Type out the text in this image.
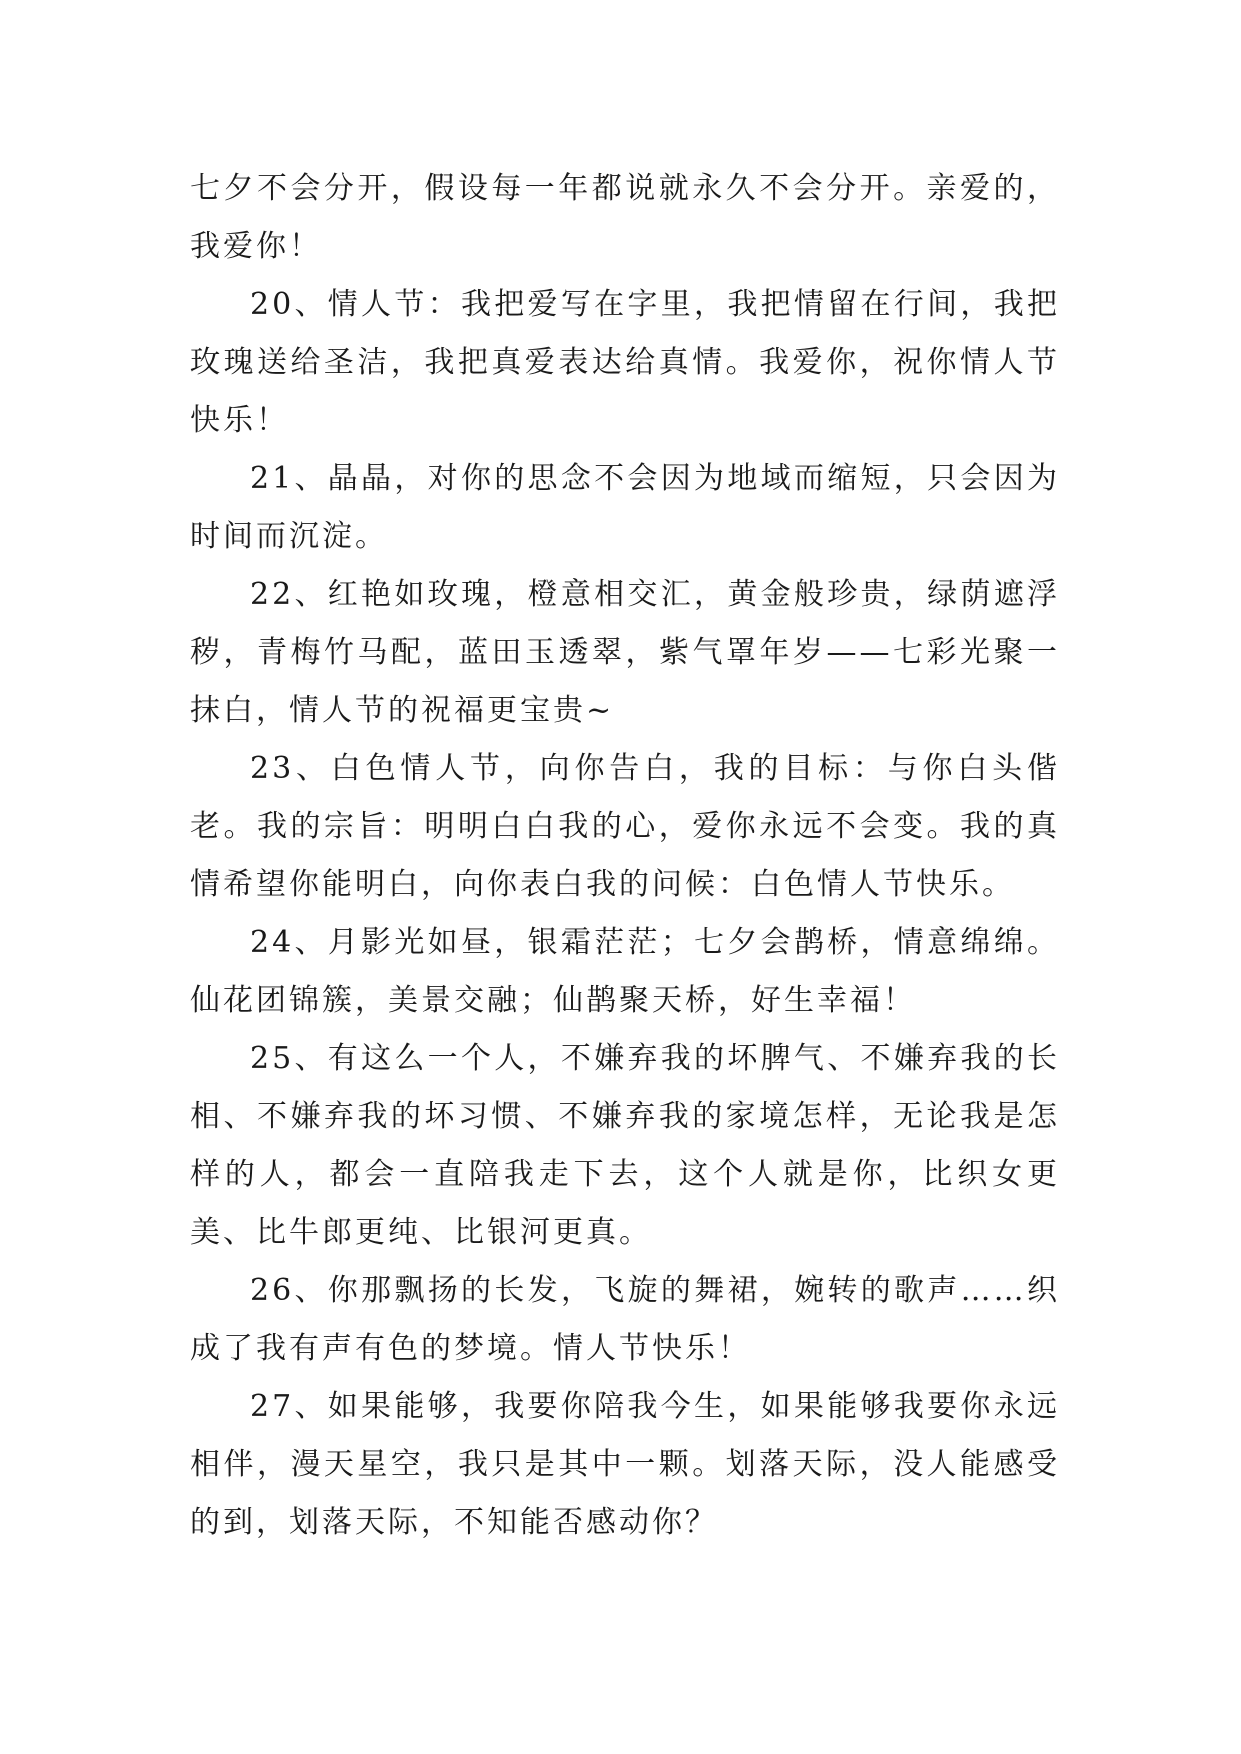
七夕不会分开，假设每一年都说就永久不会分开。亲爱的，我爱你！

20、情人节：我把爱写在字里，我把情留在行间，我把玫瑰送给圣洁，我把真爱表达给真情。我爱你，祝你情人节快乐！

21、晶晶，对你的思念不会因为地域而缩短，只会因为时间而沉淀。

22、红艳如玫瑰，橙意相交汇，黄金般珍贵，绿荫遮浮秽，青梅竹马配，蓝田玉透翠，紫气罩年岁——七彩光聚一抹白，情人节的祝福更宝贵~

23、白色情人节，向你告白，我的目标：与你白头偕老。我的宗旨：明明白白我的心，爱你永远不会变。我的真情希望你能明白，向你表白我的问候：白色情人节快乐。

24、月影光如昼，银霜茫茫；七夕会鹊桥，情意绵绵。仙花团锦簇，美景交融；仙鹊聚天桥，好生幸福！

25、有这么一个人，不嫌弃我的坏脾气、不嫌弃我的长相、不嫌弃我的坏习惯、不嫌弃我的家境怎样，无论我是怎样的人，都会一直陪我走下去，这个人就是你，比织女更美、比牛郎更纯、比银河更真。

26、你那飘扬的长发，飞旋的舞裙，婉转的歌声……织成了我有声有色的梦境。情人节快乐！

27、如果能够，我要你陪我今生，如果能够我要你永远相伴，漫天星空，我只是其中一颗。划落天际，没人能感受的到，划落天际，不知能否感动你？
